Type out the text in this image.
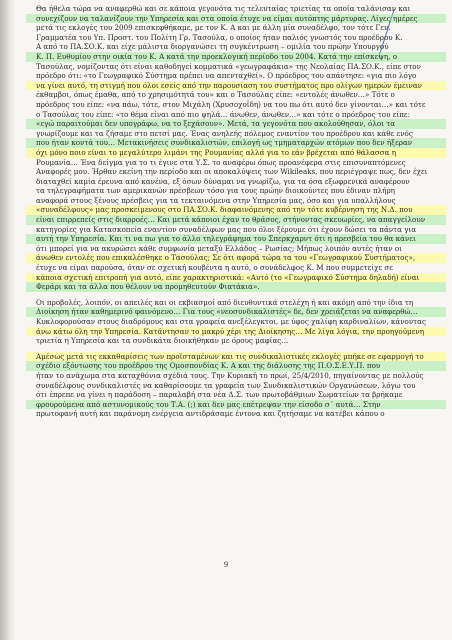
Θα ήθελα τώρα να αναφερθώ και σε κάποια γεγονότα τις τελευταίας τριετίας τα οποία ταλάνισαν και
συνεχίζουν να ταλανίζουν την Υπηρεσία και στα οποία έτυχε να είμαι αυτόπτης μάρτυρας. Λίγες ημέρες
μετά τις εκλογές του 2009 επισκεφθήκαμε, με τον Κ. Α και με άλλη μία συναδέλφο, τον τότε Γεν.
Γραμματέα του Υπ. Προστ. του Πολίτη Γρ. Τασούλα, ο οποίος ήταν παλιός γνωστός του προέδρου Κ.
Α από το ΠΑ.ΣΟ.Κ. και είχε μάλιστα διοργανώσει τη συγκέντρωση – ομιλία του πρώην Υπουργού
Κ. Π. Ευθυμίου στην οικία του Κ. Α κατά την προεκλογική περίοδο του 2004. Κατά την επίσκεψη, ο
Τασούλας, νομίζοντας ότι είναι καθοδηγεί κομματικά «γεωγραφάκια» της Νεολαίας ΠΑ.ΣΟ.Κ., είπε στον
πρόεδρο ότι: «το Γεωγραφικό Σύστημα πρέπει να απενταχθεί». Ο πρόεδρος του απάντησε: «για πιο λόγο
να γίνει αυτό, τη στιγμή που όλοι εσείς από την παρουσίαση του συστήματος προ ολίγων ημερών έμειναν
έκθαμβοι, όπως έμαθα, από το χρησιμότητά του» και ο Τασούλας είπε: «εντολές άνωθεν…» Τότε ο
πρόεδρος του είπε: «να πάω, τότε, στον Μιχάλη (Χρυσοχοΐδη) να του πω ότι αυτό δεν γίνονται…» και τότε
ο Τασούλας του είπε: «το θέμα είναι από πιο ψηλά… άνωθεν, άνωθεν…» και τότε ο πρόεδρος του είπε:
«εγώ παραιτούμαι δεν υπογράφω, να το ξεχάσουν». Μετά, τα γεγονότα που ακολούθησαν, όλοι τα
γνωρίζουμε και τα ζήσαμε στο πετσί μας. Ένας ανηλεής πόλεμος εναντίον του προέδρου και κάθε ενός
που ήταν κοντά του… Μετακινήσεις συνδικαλιστών, επιλογή ως τμηματαρχών ατόμων που δεν ήξεραν
όχι μόνο ποιο είναι το μεγαλύτερο λιμάνι της Ρουμανίας αλλά για το εάν βρέχεται από θάλασσα η
Ρουμανία… Ένα δείγμα για το τι έγινε στα Υ.Σ. το αναφέρω όπως προανέφερα στις επισυναπτόμενες
Αναφορές μου. Ήρθαν εκείνη την περίοδο και οι αποκαλύψεις των Wikileaks, που περιέγραψε πως, δεν έχει
διαταχθεί καμία έρευνα από κανένα, εξ όσων δύναμαι να γνωρίζω, για τα όσα εξωφρενικά αναφέρουν
τα τηλεγραφήματα των αμερικανών πρέσβεων τόσο για τους πρώην διοικούντες που έδιναν πλήρη
αναφορά στους ξένους πρέσβεις για τα τεκταινόμενα στην Υπηρεσία μας, όσο και για υπαλλήλους
«συναδέλφους» μας προσκείμενους στο ΠΑ.ΣΟ.Κ. διαφαινόμενης από την τότε κυβέρνηση της Ν.Δ. που
είναι επιρρεπείς στις διαρροές… Και μετά κάποιοι έχαν το θράσος, στήνοντας σκευωρίες, να απαγγείλουν
κατηγορίες για Κατασκοπεία εναντίον συναδέλφων μας που όλοι ξέρουμε ότι έχουν δώσει τα πάντα για
αυτή την Υπηρεσία. Και τι να πω για το άλλο τηλεγράφημα του Σπερκχαρντ ότι η πρεσβεία του θα κάνει
ότι μπορεί για να ακυρώσει κάθε συμφωνία μεταξύ Ελλάδος – Ρωσίας; Μήπως λοιπόν αυτές ήταν οι
άνωθεν εντολές που επικαλέσθηκε ο Τασούλας; Σε ότι αφορά τώρα τα του «Γεωγραφικού Συστήματος»,
έτυχε να είμαι παρούσα, όταν σε σχετική κουβέντα η αυτό, ο συνάδελφος Κ. Μ που συμμετείχε σε
κάποια σχετική επιτροπή για αυτό, είπε χαρακτηριστικά: «Αυτό (το «Γεωγραφικό Σύστημα δηλαδή) είναι
Φεράρι και τα άλλα που θέλουν να προμηθευτούν Φιατάκια».
Οι προβολές, λοιπόν, οι απειλές και οι εκβιασμοί από διευθυντικά στελέχη ή και ακόμη από την ίδια τη
Διοίκηση ήταν καθημερινό φαινόμενο… Για τους «νεοσυνδικαλιστές» δε, δεν χρειάζεται να αναφερθώ…
Κυκλοφορούσαν στους διαδρόμους και στα γραφεία ανεξέλεγκτοι, με ύφος χαλίφη καρδιναλίων, κάνοντας
άνω κάτω όλη την Υπηρεσία. Κατάντησαν το μακρύ χέρι της Διοίκησης… Με λίγα λόγια, την προηγούμενη
τριετία η Υπηρεσία και τα συνδικάτα διοικήθηκαν με όρους μαφίας…
Αμέσως μετά τις εκκαθαρίσεις των προϊσταμένων και τις συνδικαλιστικές εκλογές μπήκε σε εφαρμογή το
σχέδιο εξόντωσης του προέδρου της Ομοσπονδίας Κ. Α και της διάλυσης της Π.Ο.Σ.Ε.Υ.Π. που
ήταν το ανάχωμα στα καταχθόνια σχέδιά τους. Την Κυριακή το πρωί, 25/4/2010, πηγαίνοντας με πολλούς
συναδέλφους συνδικαλιστές να καθαρίσουμε τα γραφεία των Συνδικαλιστικών Οργανώσεων, λόγω του
ότι έπρεπε να γίνει η παράδοση – παραλαβή στα νέα Δ.Σ. των πρωτοβάθμιων Σωματείων τα βρήκαμε
φρουρούμενα από αστυνομικούς του Τ.Α. (;) και δεν μας επέτρεψαν την είσοδο σ΄ αυτά… Στην
πρωτοφανή αυτή και παράνομη ενέργεια αντιδράσαμε έντονα και ζητήσαμε να κατέβει κάπου ο
9
